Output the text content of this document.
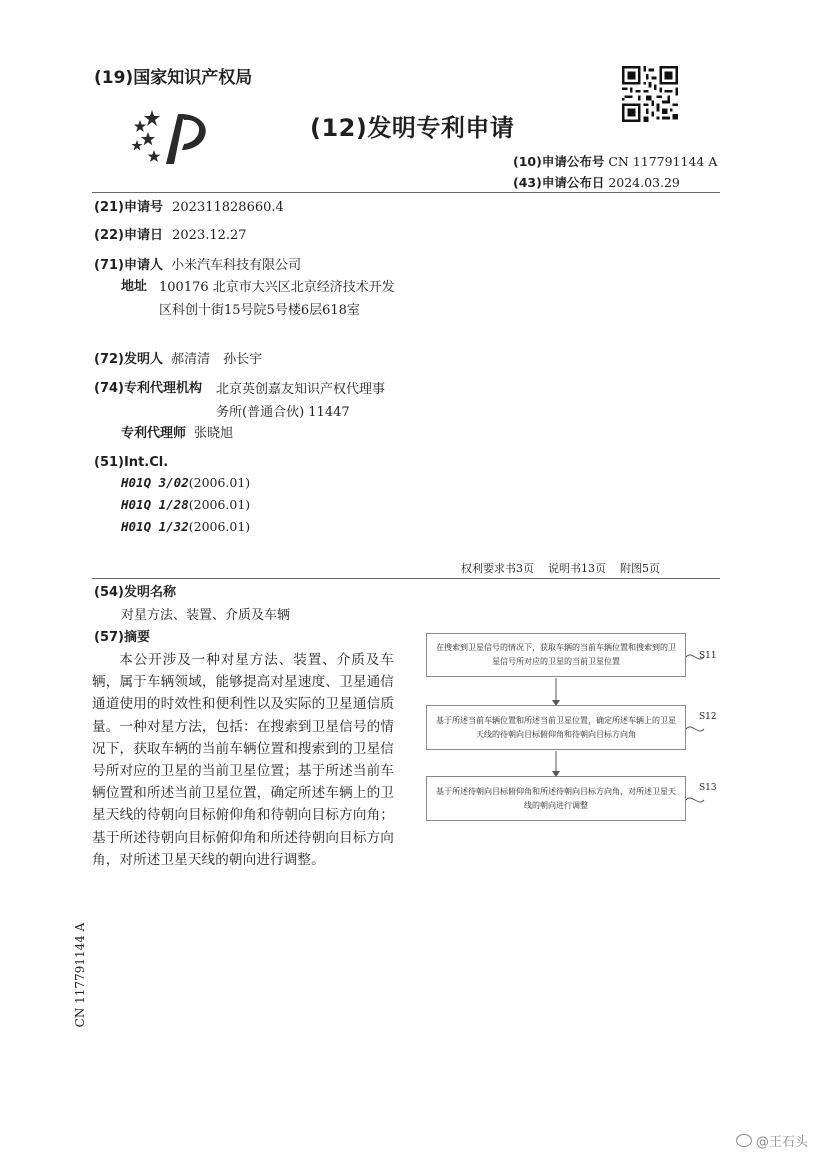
(19)国家知识产权局
(12)发明专利申请
(10)申请公布号 CN 117791144 A
(43)申请公布日 2024.03.29
(21)申请号 202311828660.4
(22)申请日 2023.12.27
(71)申请人 小米汽车科技有限公司
地址 100176 北京市大兴区北京经济技术开发区科创十街15号院5号楼6层618室
(72)发明人 郝清清　孙长宇
(74)专利代理机构 北京英创嘉友知识产权代理事务所(普通合伙) 11447
专利代理师 张晓旭
(51)Int.Cl.
H01Q 3/02(2006.01)
H01Q 1/28(2006.01)
H01Q 1/32(2006.01)
权利要求书3页 说明书13页 附图5页
(54)发明名称
对星方法、装置、介质及车辆
(57)摘要
本公开涉及一种对星方法、装置、介质及车辆，属于车辆领域，能够提高对星速度、卫星通信通道使用的时效性和便利性以及实际的卫星通信质量。一种对星方法，包括：在搜索到卫星信号的情况下，获取车辆的当前车辆位置和搜索到的卫星信号所对应的卫星的当前卫星位置；基于所述当前车辆位置和所述当前卫星位置，确定所述车辆上的卫星天线的待朝向目标俯仰角和待朝向目标方向角；基于所述待朝向目标俯仰角和所述待朝向目标方向角，对所述卫星天线的朝向进行调整。
在搜索到卫星信号的情况下，获取车辆的当前车辆位置和搜索到的卫星信号所对应的卫星的当前卫星位置
基于所述当前车辆位置和所述当前卫星位置，确定所述车辆上的卫星天线的待朝向目标俯仰角和待朝向目标方向角
基于所述待朝向目标俯仰角和所述待朝向目标方向角，对所述卫星天线的朝向进行调整
S11
S12
S13
CN 117791144 A
@王石头
